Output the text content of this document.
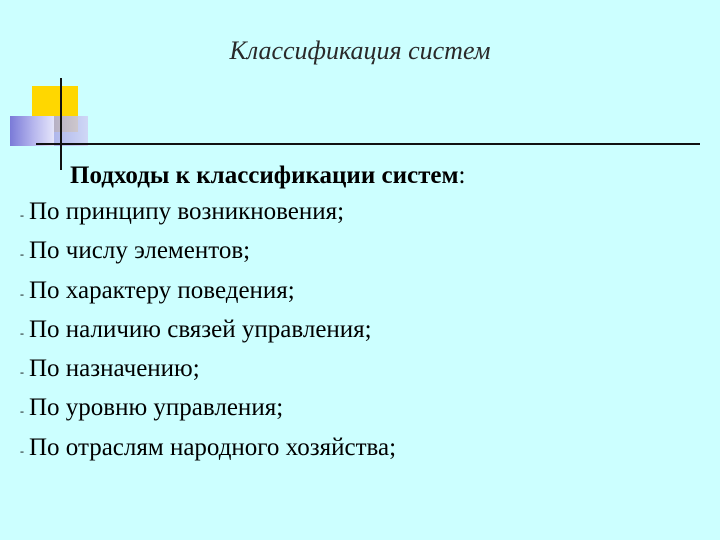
Классификация систем
Подходы к классификации систем:
- По принципу возникновения;
- По числу элементов;
- По характеру поведения;
- По наличию связей управления;
- По назначению;
- По уровню управления;
- По отраслям народного хозяйства;
